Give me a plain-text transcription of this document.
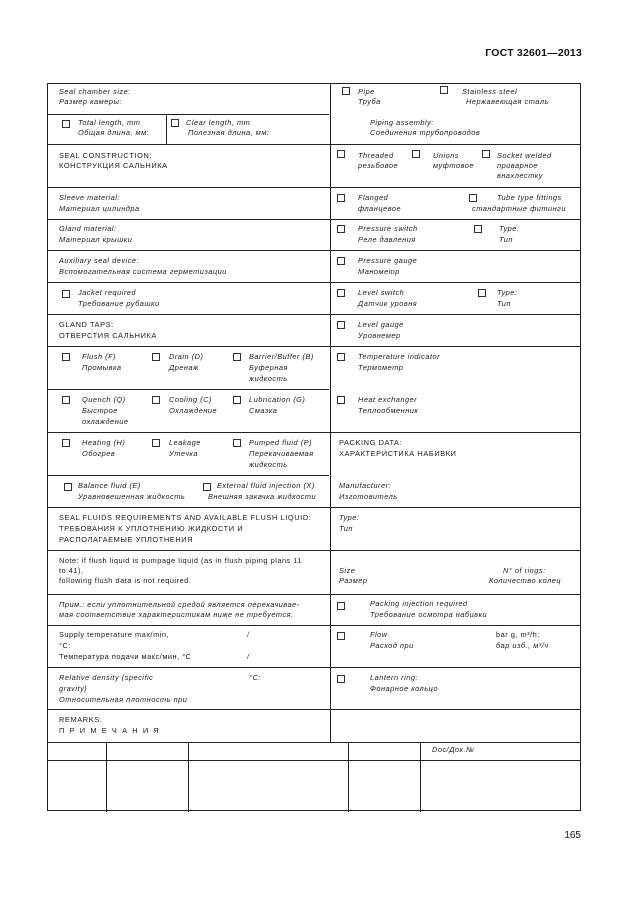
ГОСТ 32601—2013
Seal chamber size:
Размер камеры:
Total length, mm
Общая длина, мм:
Clear length, mm
Полезная длина, мм:
SEAL CONSTRUCTION:
КОНСТРУКЦИЯ САЛЬНИКА
Sleeve material:
Материал цилиндра
Gland material:
Материал крышки
Auxiliary seal device:
Вспомогательная система герметизации
Jacket required
Требование рубашки
GLAND TAPS:
ОТВЕРСТИЯ САЛЬНИКА
Flush (F)
Промывка
Drain (D)
Дренаж
Barrier/Buffer (B)
Буферная
жидкость
Quench (Q)
Быстрое
охлаждение
Cooling (C)
Охлаждение
Lubrication (G)
Смазка
Heating (H)
Обогрев
Leakage
Утечка
Pumped fluid (P)
Перекачиваемая
жидкость
Balance fluid (E)
Уравновешенная жидкость
External fluid injection (X)
Внешняя закачка жидкости
SEAL FLUIDS REQUIREMENTS AND AVAILABLE FLUSH LIQUID:
ТРЕБОВАНИЯ К УПЛОТНЕНИЮ ЖИДКОСТИ И
РАСПОЛАГАЕМЫЕ УПЛОТНЕНИЯ
Note: if flush liquid is pumpage liquid (as in flush piping plans 11
to 41),
following flush data is not required.
Прим.: если уплотнительной средой является перекачивае-
мая соответствие характеристикам ниже не требуется.
Supply temperature max/min,
°C:
Температура подачи макс/мин, °C
/
/
Relative density (specific
gravity)
Относительная плотность при
°C:
REMARKS:
П Р И М Е Ч А Н И Я
Pipe
Труба
Stainless steel
Нержавеющая сталь
Piping assembly:
Соединения трубопроводов
Threaded
резьбовое
Unions
муфтовое
Socket welded
приварное
внахлестку
Flanged
фланцевое
Tube type fittings
стандартные фитинги
Pressure switch
Реле давления
Type:
Тип
Pressure gauge
Манометр
Level switch
Датчик уровня
Type:
Тип
Level gauge
Уровнемер
Temperature indicator
Термометр
Heat exchanger
Теплообменник
PACKING DATA:
ХАРАКТЕРИСТИКА НАБИВКИ
Manufacturer:
Изготовитель
Type:
Тип
Size
Размер
N° of rings:
Количество колец
Packing injection required
Требование осмотра набивки
Flow
Расход при
bar g, m³/h:
бар изб., м³/ч
Lantern ring:
Фонарное кольцо
Doc/Док.№
165
